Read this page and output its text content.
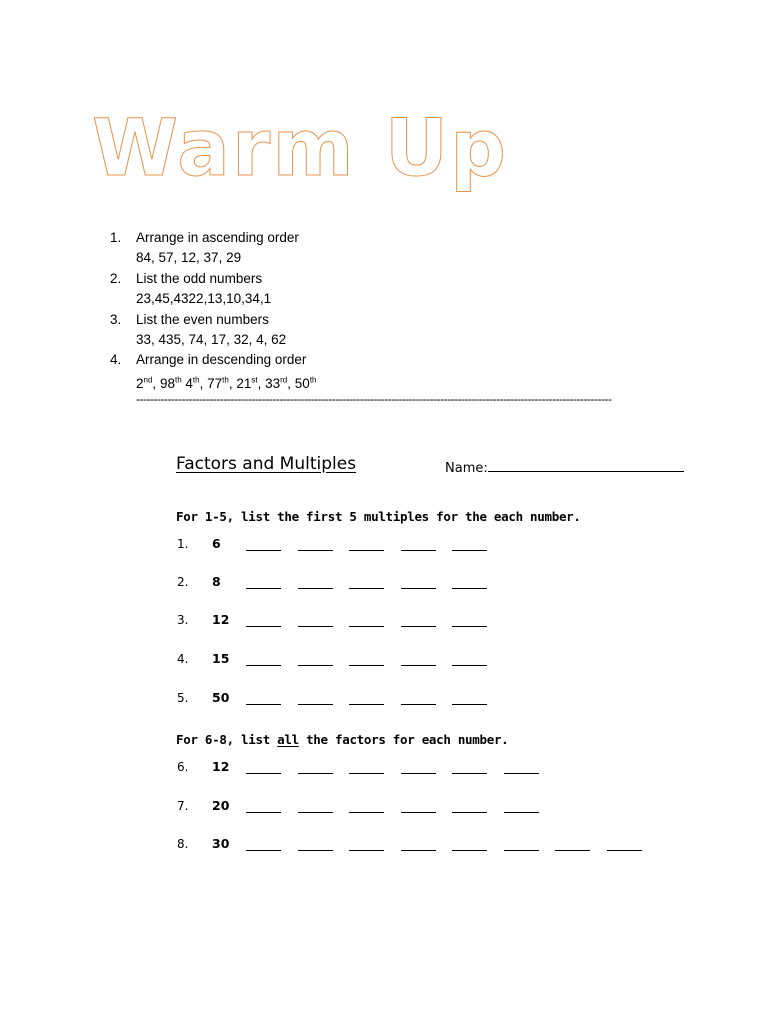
Warm Up
1.	Arrange in ascending order
84, 57, 12, 37, 29
2.	List the odd numbers
23,45,4322,13,10,34,1
3.	List the even numbers
33, 435, 74, 17, 32, 4, 62
4.	Arrange in descending order
2nd, 98th 4th, 77th, 21st, 33rd, 50th
----------------------------------------------------------------------------------------------------------------------------------------
Factors and Multiples	Name:
For 1-5, list the first 5 multiples for the each number.
For 6-8, list all the factors for each number.
1.	6
2.	8
3.	12
4.	15
5.	50
6.	12
7.	20
8.	30
